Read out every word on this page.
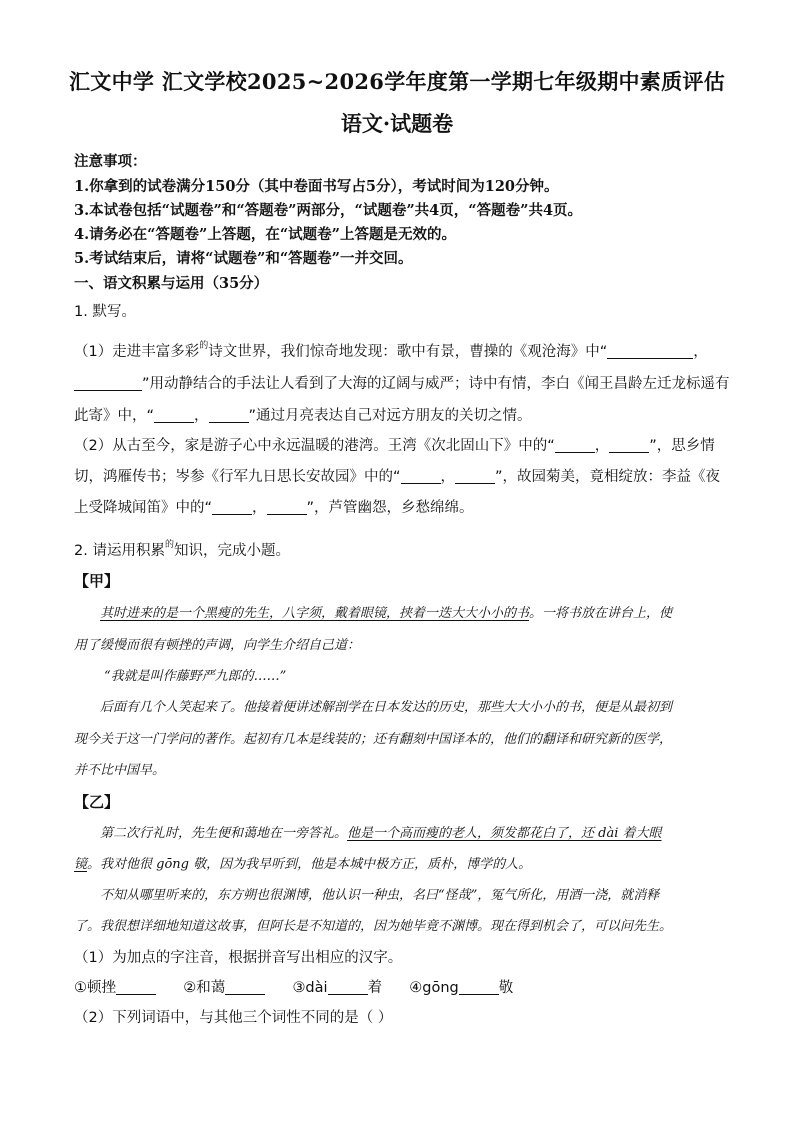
汇文中学 汇文学校2025~2026学年度第一学期七年级期中素质评估
语文·试题卷
注意事项：
1.你拿到的试卷满分150分（其中卷面书写占5分），考试时间为120分钟。
3.本试卷包括“试题卷”和“答题卷”两部分，“试题卷”共4页，“答题卷”共4页。
4.请务必在“答题卷”上答题，在“试题卷”上答题是无效的。
5.考试结束后，请将“试题卷”和“答题卷”一并交回。
一、语文积累与运用（35分）
1. 默写。
（1）走进丰富多彩$^的$诗文世界，我们惊奇地发现：歌中有景，曹操的《观沧海》中“	，
”用动静结合的手法让人看到了大海的辽阔与威严；诗中有情，李白《闻王昌龄左迁龙标遥有
此寄》中，“	，	”通过月亮表达自己对远方朋友的关切之情。
（2）从古至今，家是游子心中永远温暖的港湾。王湾《次北固山下》中的“	，	”，思乡情
切，鸿雁传书；岑参《行军九日思长安故园》中的“	，	”，故园菊美，竟相绽放：李益《夜
上受降城闻笛》中的“	，	”，芦管幽怨，乡愁绵绵。
2. 请运用积累$^的$知识，完成小题。
【甲】
其时进来的是一个黑瘦的先生，八字须，戴着眼镜，挟着一迭大大小小的书。一将书放在讲台上，使
用了缓慢而很有顿挫的声调，向学生介绍自己道：
“我就是叫作藤野严九郎的……”
后面有几个人笑起来了。他接着便讲述解剖学在日本发达的历史，那些大大小小的书，便是从最初到
现今关于这一门学问的著作。起初有几本是线装的；还有翻刻中国译本的，他们的翻译和研究新的医学，
并不比中国早。
【乙】
第二次行礼时，先生便和蔼地在一旁答礼。他是一个高而瘦的老人，须发都花白了，还 dài 着大眼
镜。我对他很 gōng 敬，因为我早听到，他是本城中极方正，质朴，博学的人。
不知从哪里听来的，东方朔也很渊博，他认识一种虫，名曰“怪哉”，冤气所化，用酒一浇，就消释
了。我很想详细地知道这故事，但阿长是不知道的，因为她毕竟不渊博。现在得到机会了，可以问先生。
（1）为加点的字注音，根据拼音写出相应的汉字。
①顿挫	②和蔼	③dài	着 ④gōng	敬
（2）下列词语中，与其他三个词性不同的是（ ）
